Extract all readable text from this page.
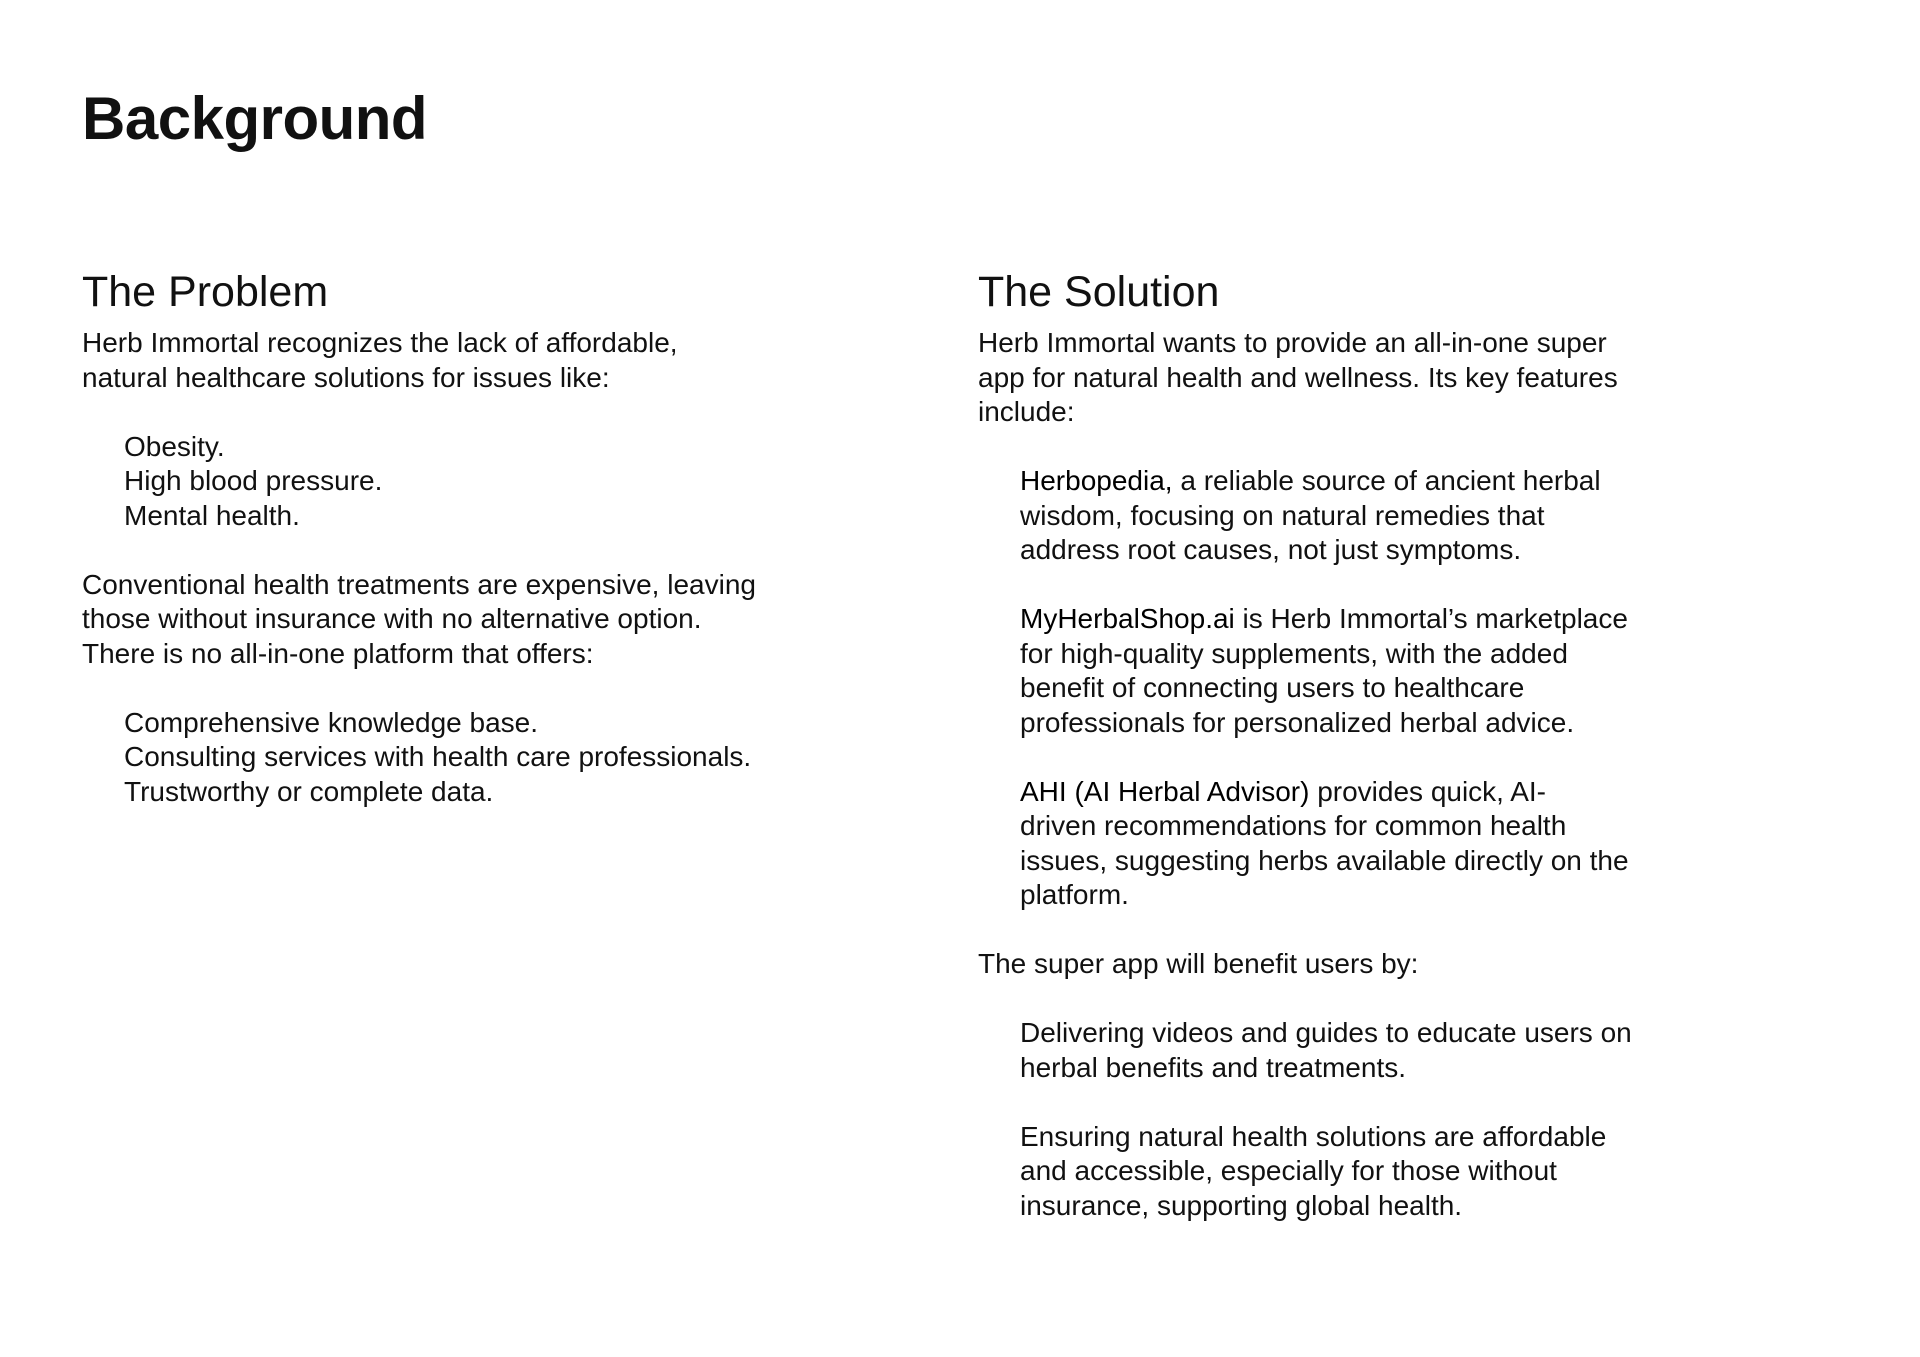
Background
The Problem

Herb Immortal recognizes the lack of affordable,
natural healthcare solutions for issues like:

Obesity.
High blood pressure.
Mental health.

Conventional health treatments are expensive, leaving
those without insurance with no alternative option.
There is no all-in-one platform that offers:

Comprehensive knowledge base.
Consulting services with health care professionals.
Trustworthy or complete data.
The Solution

Herb Immortal wants to provide an all-in-one super
app for natural health and wellness. Its key features
include:

Herbopedia, a reliable source of ancient herbal
wisdom, focusing on natural remedies that
address root causes, not just symptoms.

MyHerbalShop.ai is Herb Immortal’s marketplace
for high-quality supplements, with the added
benefit of connecting users to healthcare
professionals for personalized herbal advice.

AHI (AI Herbal Advisor) provides quick, AI-
driven recommendations for common health
issues, suggesting herbs available directly on the
platform.

The super app will benefit users by:

Delivering videos and guides to educate users on
herbal benefits and treatments.

Ensuring natural health solutions are affordable
and accessible, especially for those without
insurance, supporting global health.
